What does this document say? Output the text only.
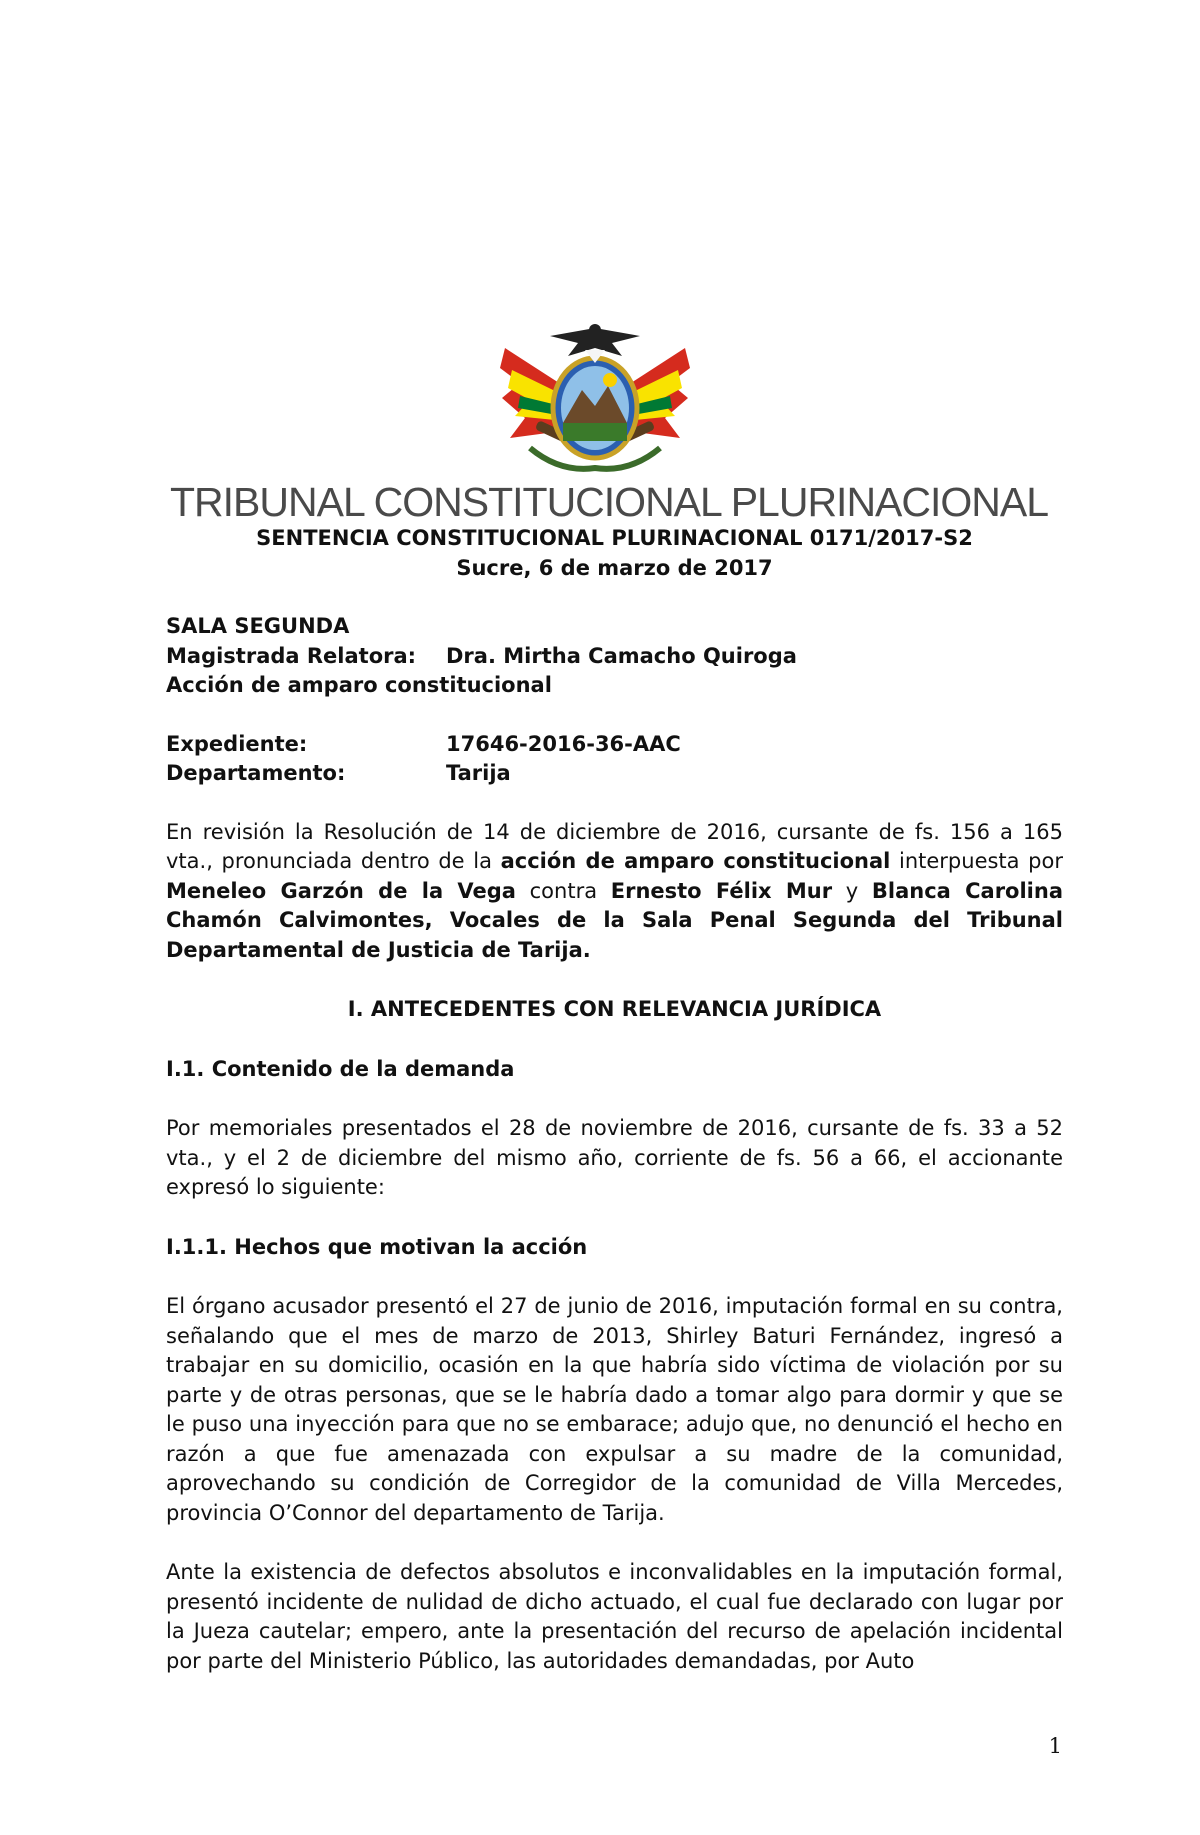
TRIBUNAL CONSTITUCIONAL PLURINACIONAL
SENTENCIA CONSTITUCIONAL PLURINACIONAL 0171/2017-S2
Sucre, 6 de marzo de 2017
SALA SEGUNDA
Magistrada Relatora:	Dra. Mirtha Camacho Quiroga
Acción de amparo constitucional
Expediente:	17646-2016-36-AAC
Departamento:	Tarija

En revisión la Resolución de 14 de diciembre de 2016, cursante de fs. 156 a 165 vta., pronunciada dentro de la acción de amparo constitucional interpuesta por Meneleo Garzón de la Vega contra Ernesto Félix Mur y Blanca Carolina Chamón Calvimontes, Vocales de la Sala Penal Segunda del Tribunal Departamental de Justicia de Tarija.

I. ANTECEDENTES CON RELEVANCIA JURÍDICA
I.1. Contenido de la demanda

Por memoriales presentados el 28 de noviembre de 2016, cursante de fs. 33 a 52 vta., y el 2 de diciembre del mismo año, corriente de fs. 56 a 66, el accionante expresó lo siguiente:

I.1.1. Hechos que motivan la acción

El órgano acusador presentó el 27 de junio de 2016, imputación formal en su contra, señalando que el mes de marzo de 2013, Shirley Baturi Fernández, ingresó a trabajar en su domicilio, ocasión en la que habría sido víctima de violación por su parte y de otras personas, que se le habría dado a tomar algo para dormir y que se le puso una inyección para que no se embarace; adujo que, no denunció el hecho en razón a que fue amenazada con expulsar a su madre de la comunidad, aprovechando su condición de Corregidor de la comunidad de Villa Mercedes, provincia O’Connor del departamento de Tarija.

Ante la existencia de defectos absolutos e inconvalidables en la imputación formal, presentó incidente de nulidad de dicho actuado, el cual fue declarado con lugar por la Jueza cautelar; empero, ante la presentación del recurso de apelación incidental por parte del Ministerio Público, las autoridades demandadas, por Auto

1
